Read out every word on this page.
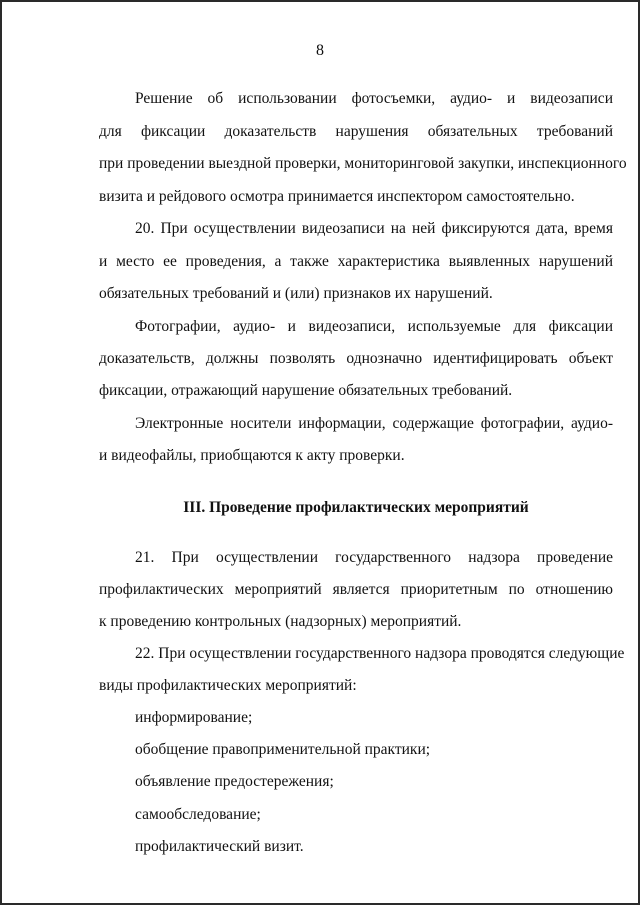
8
Решение об использовании фотосъемки, аудио- и видеозаписи
для фиксации доказательств нарушения обязательных требований
при проведении выездной проверки, мониторинговой закупки, инспекционного
визита и рейдового осмотра принимается инспектором самостоятельно.
20. При осуществлении видеозаписи на ней фиксируются дата, время
и место ее проведения, а также характеристика выявленных нарушений
обязательных требований и (или) признаков их нарушений.
Фотографии, аудио- и видеозаписи, используемые для фиксации
доказательств, должны позволять однозначно идентифицировать объект
фиксации, отражающий нарушение обязательных требований.
Электронные носители информации, содержащие фотографии, аудио-
и видеофайлы, приобщаются к акту проверки.
III. Проведение профилактических мероприятий
21. При осуществлении государственного надзора проведение
профилактических мероприятий является приоритетным по отношению
к проведению контрольных (надзорных) мероприятий.
22. При осуществлении государственного надзора проводятся следующие
виды профилактических мероприятий:
информирование;
обобщение правоприменительной практики;
объявление предостережения;
самообследование;
профилактический визит.
